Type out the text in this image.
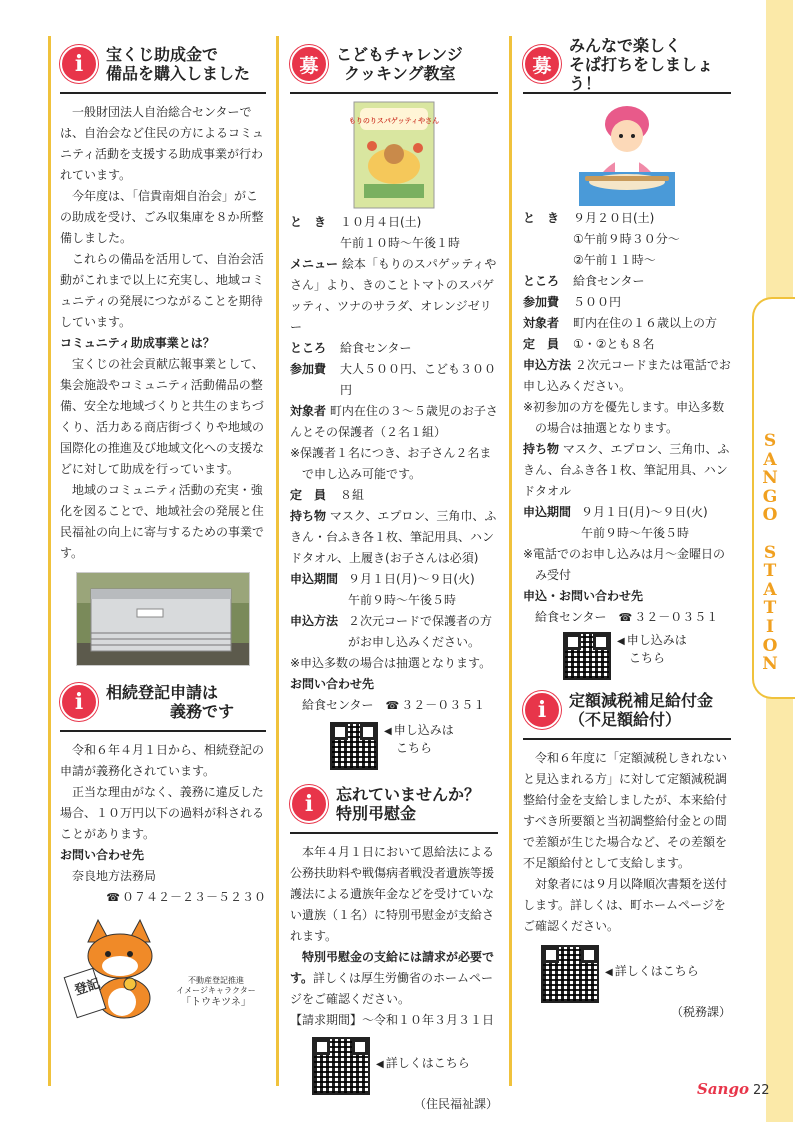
S
A
N
G
O

S
T
A
T
I
O
N
i	宝くじ助成金で
備品を購入しました

一般財団法人自治総合センターでは、自治会など住民の方によるコミュニティ活動を支援する助成事業が行われています。

今年度は、「信貴南畑自治会」がこの助成を受け、ごみ収集庫を８か所整備しました。

これらの備品を活用して、自治会活動がこれまで以上に充実し、地域コミュニティの発展につながることを期待しています。

コミュニティ助成事業とは？

宝くじの社会貢献広報事業として、集会施設やコミュニティ活動備品の整備、安全な地域づくりと共生のまちづくり、活力ある商店街づくりや地域の国際化の推進及び地域文化への支援などに対して助成を行っています。

地域のコミュニティ活動の充実・強化を図ることで、地域社会の発展と住民福祉の向上に寄与するための事業です。

i	相続登記申請は
義務です

令和６年４月１日から、相続登記の申請が義務化されています。

正当な理由がなく、義務に違反した場合、１０万円以下の過料が科されることがあります。

お問い合わせ先
奈良地方法務局
☎ ０７４２－２３－５２３０
登記	不動産登記推進
イメージキャラクター
「トウキツネ」
募	こどもチャレンジ
クッキング教室
もりのりスパゲッティやさん
と　き	１０月４日(土)
午前１０時～午後１時
メニュー 絵本「もりのスパゲッティやさん」より、きのことトマトのスパゲッティ、ツナのサラダ、オレンジゼリー
ところ	給食センター
参加費	大人５００円、こども３００円
対象者 町内在住の３～５歳児のお子さんとその保護者（２名１組）
※保護者１名につき、お子さん２名まで申し込み可能です。
定　員	８組
持ち物 マスク、エプロン、三角巾、ふきん・台ふき各１枚、筆記用具、ハンドタオル、上履き(お子さんは必須)
申込期間 ９月１日(月)～９日(火)
午前９時～午後５時
申込方法 ２次元コードで保護者の方がお申し込みください。
※申込多数の場合は抽選となります。
お問い合わせ先
給食センター　 ☎ ３２－０３５１
◀ 申し込みは
こちら
i	忘れていませんか？
特別弔慰金

本年４月１日において恩給法による公務扶助料や戦傷病者戦没者遺族等援護法による遺族年金などを受けていない遺族（１名）に特別弔慰金が支給されます。

特別弔慰金の支給には請求が必要です。詳しくは厚生労働省のホームページをご確認ください。

【請求期間】～令和１０年３月３１日
◀ 詳しくはこちら
（住民福祉課）
募
みんなで楽しく
そば打ちをしましょう！
と　き	９月２０日(土)
①午前９時３０分～
②午前１１時～
ところ	給食センター
参加費	５００円
対象者	町内在住の１６歳以上の方
定　員	①・②とも８名
申込方法 ２次元コードまたは電話でお申し込みください。
※初参加の方を優先します。申込多数の場合は抽選となります。
持ち物 マスク、エプロン、三角巾、ふきん、台ふき各１枚、筆記用具、ハンドタオル
申込期間 ９月１日(月)～９日(火)
午前９時～午後５時
※電話でのお申し込みは月～金曜日のみ受付
申込・お問い合わせ先
給食センター　 ☎ ３２－０３５１
◀ 申し込みは
こちら
i	定額減税補足給付金
（不足額給付）

令和６年度に「定額減税しきれないと見込まれる方」に対して定額減税調整給付金を支給しましたが、本来給付すべき所要額と当初調整給付金との間で差額が生じた場合など、その差額を不足額給付として支給します。

対象者には９月以降順次書類を送付します。詳しくは、町ホームページをご確認ください。

◀ 詳しくはこちら
（税務課）
Sango 22
